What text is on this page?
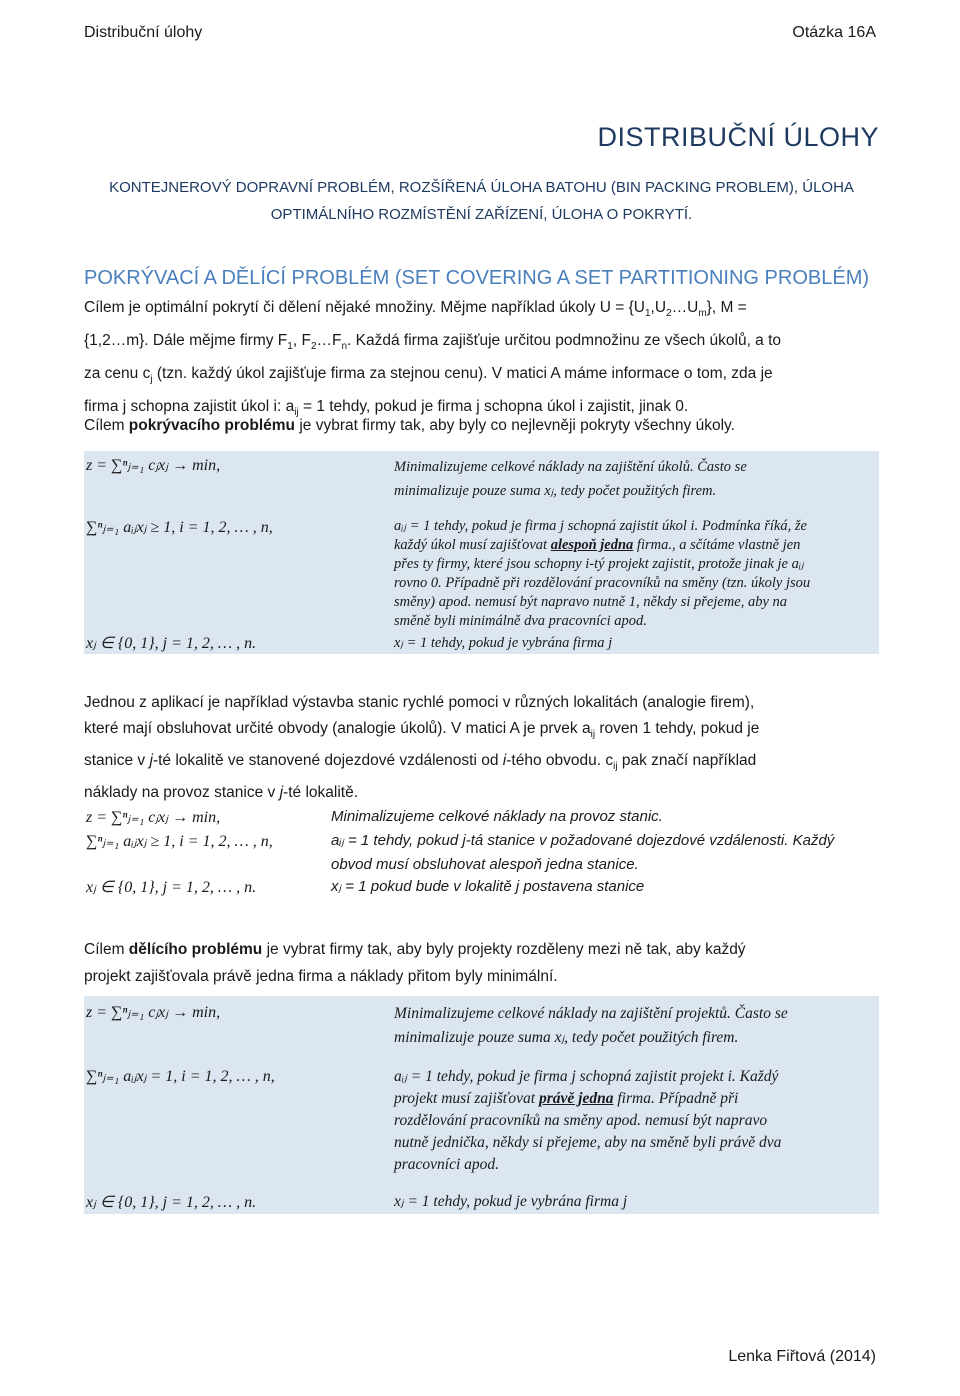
Distribuční úlohy	Otázka 16A
DISTRIBUČNÍ ÚLOHY
KONTEJNEROVÝ DOPRAVNÍ PROBLÉM, ROZŠÍŘENÁ ÚLOHA BATOHU (BIN PACKING PROBLEM), ÚLOHA
OPTIMÁLNÍHO ROZMÍSTĚNÍ ZAŘÍZENÍ, ÚLOHA O POKRYTÍ.
POKRÝVACÍ A DĚLÍCÍ PROBLÉM (SET COVERING A SET PARTITIONING PROBLÉM)
Cílem je optimální pokrytí či dělení nějaké množiny. Mějme například úkoly $U = \{U_1,U_2\dots U_m\}$, M =
{1,2…m}. Dále mějme firmy $F_1$, $F_2\dots F_n$. Každá firma zajišťuje určitou podmnožinu ze všech úkolů, a to
za cenu $c_j$ (tzn. každý úkol zajišťuje firma za stejnou cenu). V matici A máme informace o tom, zda je
firma j schopna zajistit úkol i: $a_{ij} = 1$ tehdy, pokud je firma j schopna úkol i zajistit, jinak 0.
Cílem pokrývacího problému je vybrat firmy tak, aby byly co nejlevněji pokryty všechny úkoly.
z = ∑ⁿⱼ₌₁ cⱼxⱼ → min,	Minimalizujeme celkové náklady na zajištění úkolů. Často se
minimalizuje pouze suma xⱼ, tedy počet použitých firem.
∑ⁿⱼ₌₁ aᵢⱼxⱼ ≥ 1, i = 1, 2, … , n,	aᵢⱼ = 1 tehdy, pokud je firma j schopná zajistit úkol i. Podmínka říká, že
každý úkol musí zajišťovat alespoň jedna firma., a sčítáme vlastně jen
přes ty firmy, které jsou schopny i-tý projekt zajistit, protože jinak je aᵢⱼ
rovno 0. Případně při rozdělování pracovníků na směny (tzn. úkoly jsou
směny) apod. nemusí být napravo nutně 1, někdy si přejeme, aby na
směně byli minimálně dva pracovníci apod.
xⱼ ∈ {0, 1}, j = 1, 2, … , n.	xⱼ = 1 tehdy, pokud je vybrána firma j
Jednou z aplikací je například výstavba stanic rychlé pomoci v různých lokalitách (analogie firem),
které mají obsluhovat určité obvody (analogie úkolů). V matici A je prvek $a_{ij}$ roven 1 tehdy, pokud je
stanice v j-té lokalitě ve stanovené dojezdové vzdálenosti od i-tého obvodu. $c_{ij}$ pak značí například
náklady na provoz stanice v j-té lokalitě.
z = ∑ⁿⱼ₌₁ cⱼxⱼ → min,	Minimalizujeme celkové náklady na provoz stanic.
∑ⁿⱼ₌₁ aᵢⱼxⱼ ≥ 1, i = 1, 2, … , n,	aᵢⱼ = 1 tehdy, pokud j-tá stanice v požadované dojezdové vzdálenosti. Každý
obvod musí obsluhovat alespoň jedna stanice.
xⱼ ∈ {0, 1}, j = 1, 2, … , n.	xⱼ = 1 pokud bude v lokalitě j postavena stanice
Cílem dělícího problému je vybrat firmy tak, aby byly projekty rozděleny mezi ně tak, aby každý
projekt zajišťovala právě jedna firma a náklady přitom byly minimální.
z = ∑ⁿⱼ₌₁ cⱼxⱼ → min,	Minimalizujeme celkové náklady na zajištění projektů. Často se
minimalizuje pouze suma xⱼ, tedy počet použitých firem.
∑ⁿⱼ₌₁ aᵢⱼxⱼ = 1, i = 1, 2, … , n,	aᵢⱼ = 1 tehdy, pokud je firma j schopná zajistit projekt i. Každý
projekt musí zajišťovat právě jedna firma. Případně při
rozdělování pracovníků na směny apod. nemusí být napravo
nutně jednička, někdy si přejeme, aby na směně byli právě dva
pracovníci apod.
xⱼ ∈ {0, 1}, j = 1, 2, … , n.	xⱼ = 1 tehdy, pokud je vybrána firma j
Lenka Fiřtová (2014)
